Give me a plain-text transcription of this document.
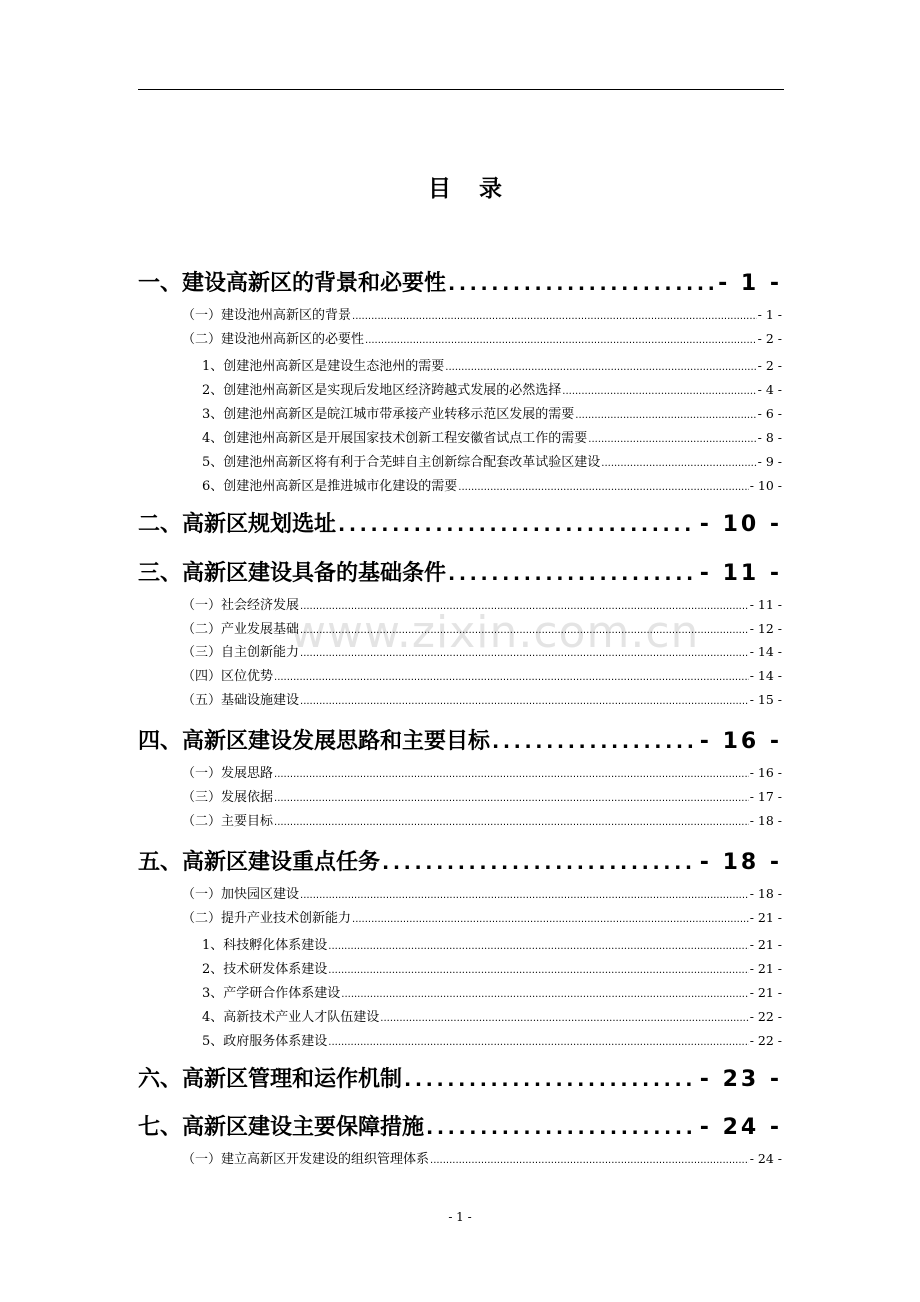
目 录
www.zixin.com.cn
一、建设高新区的背景和必要性 .....	- 1 -
（一）建设池州高新区的背景 .....	- 1 -
（二）建设池州高新区的必要性 .....	- 2 -
1、创建池州高新区是建设生态池州的需要 .....	- 2 -
2、创建池州高新区是实现后发地区经济跨越式发展的必然选择 .....	- 4 -
3、创建池州高新区是皖江城市带承接产业转移示范区发展的需要 .....	- 6 -
4、创建池州高新区是开展国家技术创新工程安徽省试点工作的需要 .....	- 8 -
5、创建池州高新区将有利于合芜蚌自主创新综合配套改革试验区建设 .....	- 9 -
6、创建池州高新区是推进城市化建设的需要 .....	- 10 -
二、高新区规划选址 .....	- 10 -
三、高新区建设具备的基础条件 .....	- 11 -
（一）社会经济发展 .....	- 11 -
（二）产业发展基础 .....	- 12 -
（三）自主创新能力 .....	- 14 -
（四）区位优势 .....	- 14 -
（五）基础设施建设 .....	- 15 -
四、高新区建设发展思路和主要目标 .....	- 16 -
（一）发展思路 .....	- 16 -
（三）发展依据 .....	- 17 -
（二）主要目标 .....	- 18 -
五、高新区建设重点任务 .....	- 18 -
（一）加快园区建设 .....	- 18 -
（二）提升产业技术创新能力 .....	- 21 -
1、科技孵化体系建设 .....	- 21 -
2、技术研发体系建设 .....	- 21 -
3、产学研合作体系建设 .....	- 21 -
4、高新技术产业人才队伍建设 .....	- 22 -
5、政府服务体系建设 .....	- 22 -
六、高新区管理和运作机制 .....	- 23 -
七、高新区建设主要保障措施 .....	- 24 -
（一）建立高新区开发建设的组织管理体系 .....	- 24 -
- 1 -
